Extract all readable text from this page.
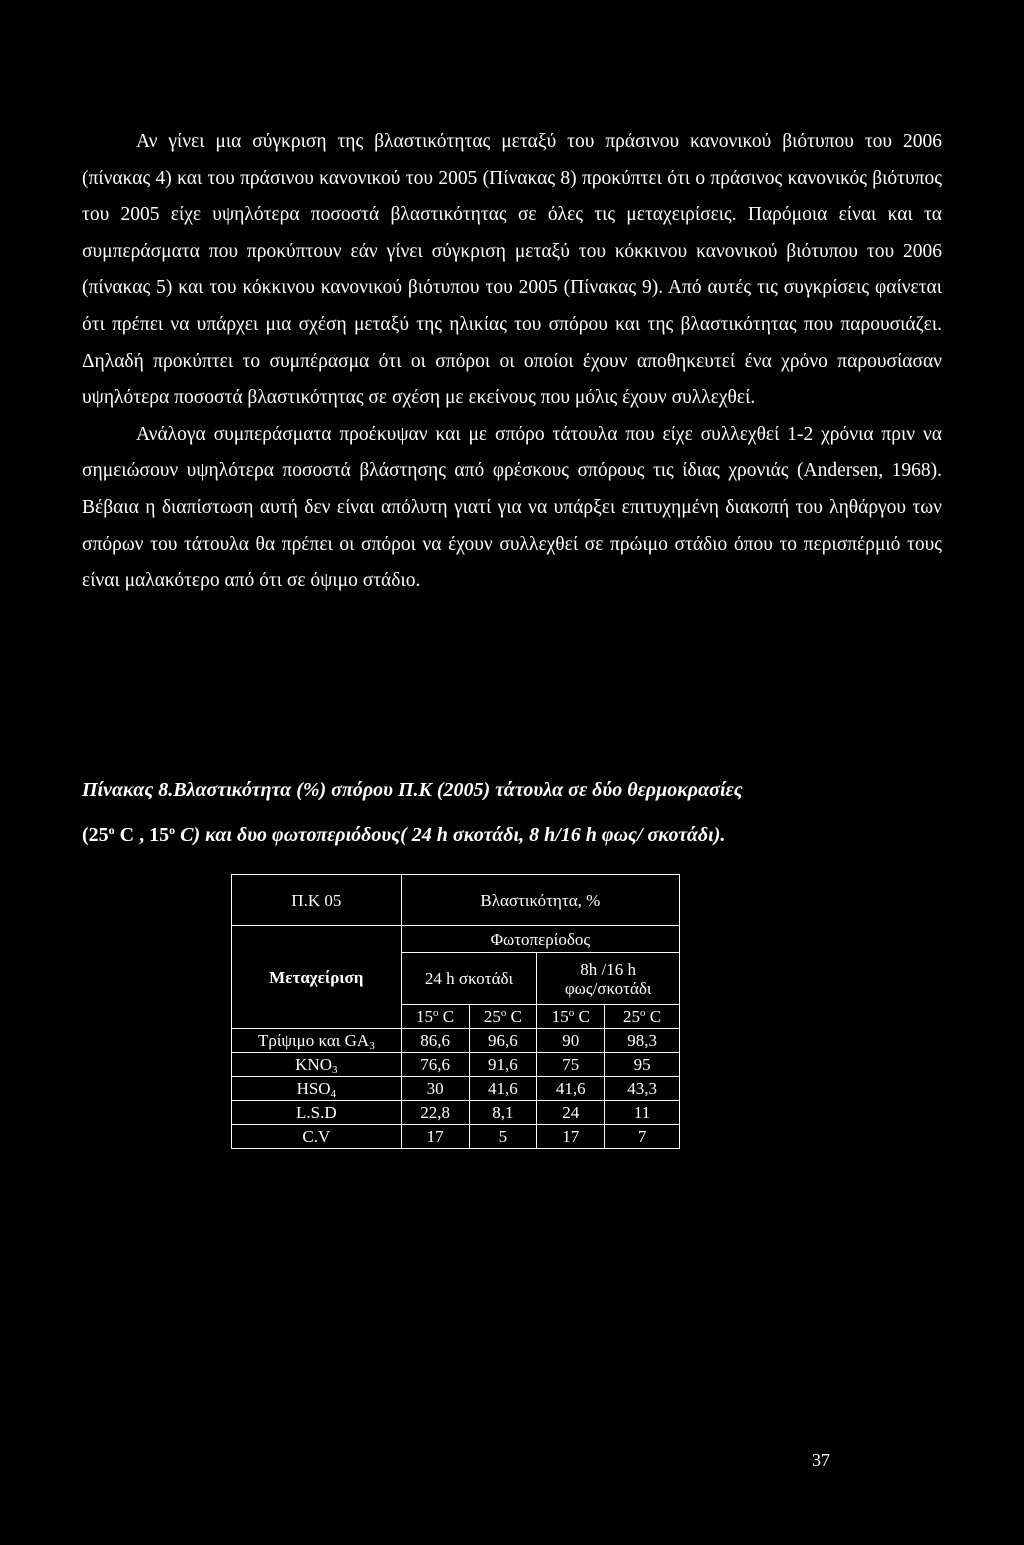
Αν γίνει μια σύγκριση της βλαστικότητας μεταξύ του πράσινου κανονικού βιότυπου του 2006 (πίνακας 4) και του πράσινου κανονικού του 2005 (Πίνακας 8) προκύπτει ότι ο πράσινος κανονικός βιότυπος του 2005 είχε υψηλότερα ποσοστά βλαστικότητας σε όλες τις μεταχειρίσεις. Παρόμοια είναι και τα συμπεράσματα που προκύπτουν εάν γίνει σύγκριση μεταξύ του κόκκινου κανονικού βιότυπου του 2006 (πίνακας 5) και του κόκκινου κανονικού βιότυπου του 2005 (Πίνακας 9). Από αυτές τις συγκρίσεις φαίνεται ότι πρέπει να υπάρχει μια σχέση μεταξύ της ηλικίας του σπόρου και της βλαστικότητας που παρουσιάζει. Δηλαδή προκύπτει το συμπέρασμα ότι οι σπόροι οι οποίοι έχουν αποθηκευτεί ένα χρόνο παρουσίασαν υψηλότερα ποσοστά βλαστικότητας σε σχέση με εκείνους που μόλις έχουν συλλεχθεί.

Ανάλογα συμπεράσματα προέκυψαν και με σπόρο τάτουλα που είχε συλλεχθεί 1-2 χρόνια πριν να σημειώσουν υψηλότερα ποσοστά βλάστησης από φρέσκους σπόρους τις ίδιας χρονιάς (Andersen, 1968). Βέβαια η διαπίστωση αυτή δεν είναι απόλυτη γιατί για να υπάρξει επιτυχημένη διακοπή του ληθάργου των σπόρων του τάτουλα θα πρέπει οι σπόροι να έχουν συλλεχθεί σε πρώιμο στάδιο όπου το περισπέρμιό τους είναι μαλακότερο από ότι σε όψιμο στάδιο.

Πίνακας 8.Βλαστικότητα (%) σπόρου Π.Κ (2005) τάτουλα σε δύο θερμοκρασίες
($25^o$ C , $15^o$ C) και δυο φωτοπεριόδους( 24 h σκοτάδι, 8 h/16 h φως/ σκοτάδι).
Π.Κ 05	Βλαστικότητα, %			
Μεταχείριση	Φωτοπερίοδος			
	24 h σκοτάδι		8h /16 h
φως/σκοτάδι	
	$15^o$ C	$25^o$ C	$15^o$ C	$25^o$ C
Τρίψιμο και $GA_3$	86,6	96,6	90	98,3
$KNO_3$	76,6	91,6	75	95
$HSO_4$	30	41,6	41,6	43,3
L.S.D	22,8	8,1	24	11
C.V	17	5	17	7
37
